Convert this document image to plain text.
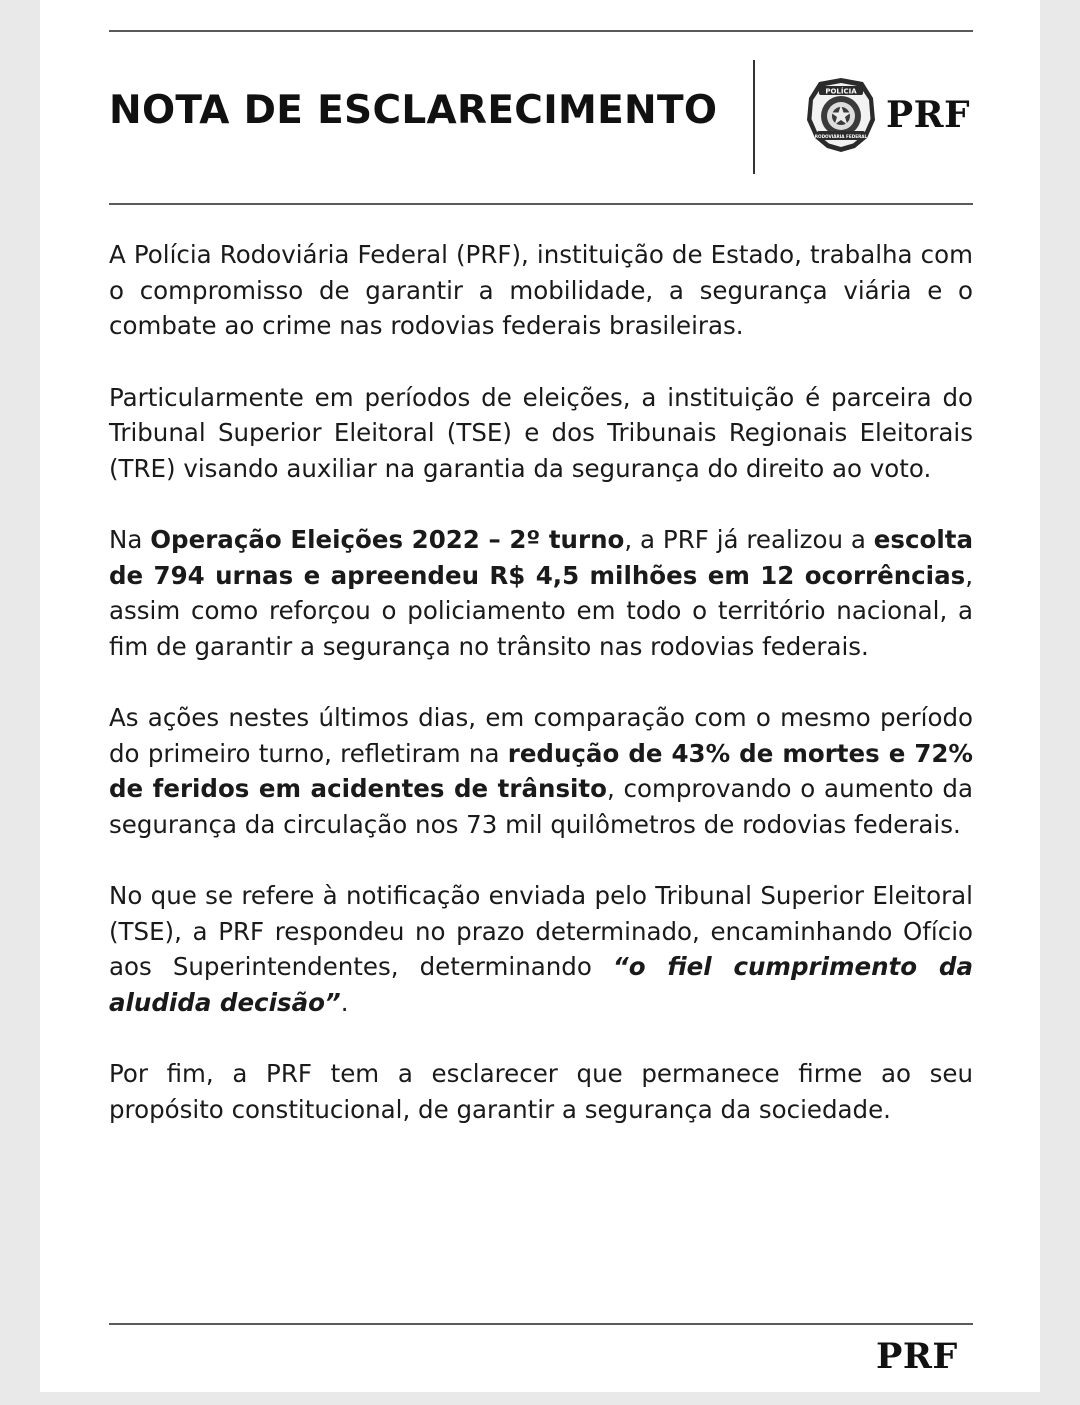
NOTA DE ESCLARECIMENTO	POLÍCIA
RODOVIÁRIA FEDERAL
PRF

A Polícia Rodoviária Federal (PRF), instituição de Estado, trabalha com o compromisso de garantir a mobilidade, a segurança viária e o combate ao crime nas rodovias federais brasileiras.

Particularmente em períodos de eleições, a instituição é parceira do Tribunal Superior Eleitoral (TSE) e dos Tribunais Regionais Eleitorais (TRE) visando auxiliar na garantia da segurança do direito ao voto.

Na Operação Eleições 2022 – 2º turno, a PRF já realizou a escolta de 794 urnas e apreendeu R$ 4,5 milhões em 12 ocorrências, assim como reforçou o policiamento em todo o território nacional, a fim de garantir a segurança no trânsito nas rodovias federais.

As ações nestes últimos dias, em comparação com o mesmo período do primeiro turno, refletiram na redução de 43% de mortes e 72% de feridos em acidentes de trânsito, comprovando o aumento da segurança da circulação nos 73 mil quilômetros de rodovias federais.

No que se refere à notificação enviada pelo Tribunal Superior Eleitoral (TSE), a PRF respondeu no prazo determinado, encaminhando Ofício aos Superintendentes, determinando “o fiel cumprimento da aludida decisão”.

Por fim, a PRF tem a esclarecer que permanece firme ao seu propósito constitucional, de garantir a segurança da sociedade.

PRF
